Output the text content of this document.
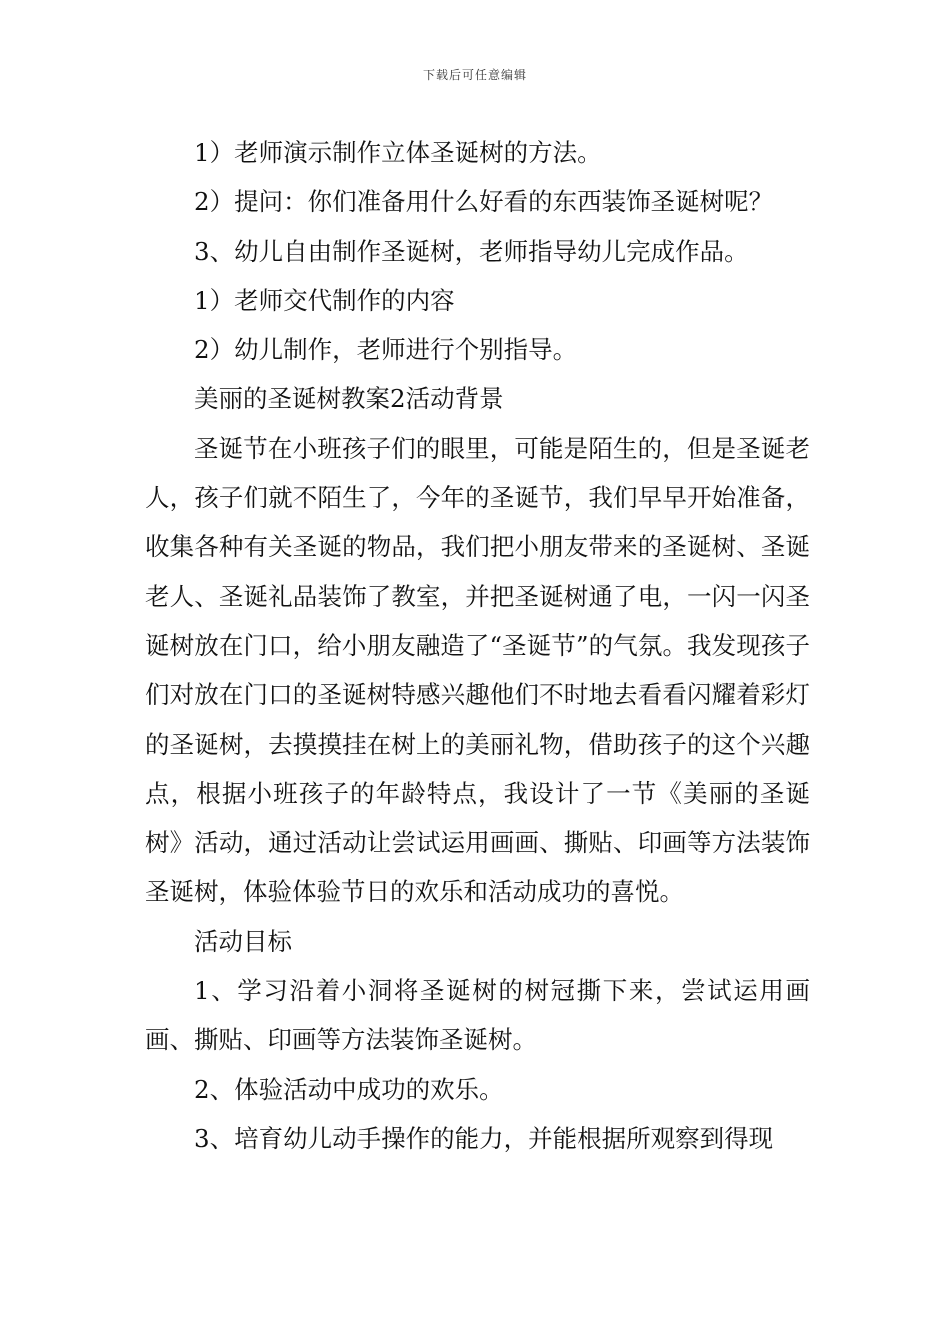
下载后可任意编辑

1）老师演示制作立体圣诞树的方法。

2）提问：你们准备用什么好看的东西装饰圣诞树呢？

3、幼儿自由制作圣诞树，老师指导幼儿完成作品。

1）老师交代制作的内容

2）幼儿制作，老师进行个别指导。

美丽的圣诞树教案2活动背景

圣诞节在小班孩子们的眼里，可能是陌生的，但是圣诞老人，孩子们就不陌生了，今年的圣诞节，我们早早开始准备，收集各种有关圣诞的物品，我们把小朋友带来的圣诞树、圣诞老人、圣诞礼品装饰了教室，并把圣诞树通了电，一闪一闪圣诞树放在门口，给小朋友融造了“圣诞节”的气氛。我发现孩子们对放在门口的圣诞树特感兴趣他们不时地去看看闪耀着彩灯的圣诞树，去摸摸挂在树上的美丽礼物，借助孩子的这个兴趣点，根据小班孩子的年龄特点，我设计了一节《美丽的圣诞树》活动，通过活动让尝试运用画画、撕贴、印画等方法装饰圣诞树，体验体验节日的欢乐和活动成功的喜悦。

活动目标

1、学习沿着小洞将圣诞树的树冠撕下来，尝试运用画画、撕贴、印画等方法装饰圣诞树。

2、体验活动中成功的欢乐。

3、培育幼儿动手操作的能力，并能根据所观察到得现
